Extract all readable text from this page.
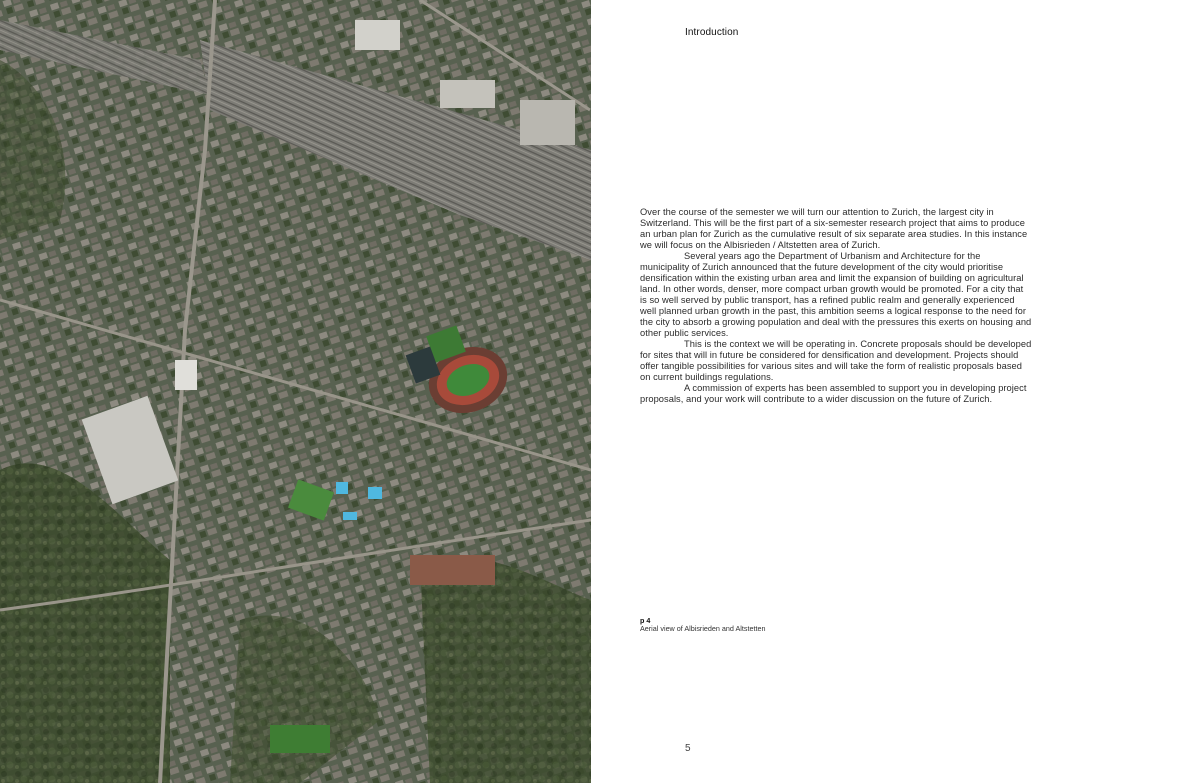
Introduction

Over the course of the semester we will turn our attention to Zurich, the largest city in Switzerland. This will be the first part of a six-semester research project that aims to produce an urban plan for Zurich as the cumulative result of six separate area studies. In this instance we will focus on the Albisrieden / Altstetten area of Zurich.

Several years ago the Department of Urbanism and Architecture for the municipality of Zurich announced that the future development of the city would prioritise densification within the existing urban area and limit the expansion of building on agricultural land. In other words, denser, more compact urban growth would be promoted. For a city that is so well served by public transport, has a refined public realm and generally experienced well planned urban growth in the past, this ambition seems a logical response to the need for the city to absorb a growing population and deal with the pressures this exerts on housing and other public services.

This is the context we will be operating in. Concrete proposals should be developed for sites that will in future be considered for densification and development. Projects should offer tangible possibilities for various sites and will take the form of realistic proposals based on current buildings regulations.

A commission of experts has been assembled to support you in developing project proposals, and your work will contribute to a wider discussion on the future of Zurich.

p 4
Aerial view of Albisrieden and Altstetten
5
